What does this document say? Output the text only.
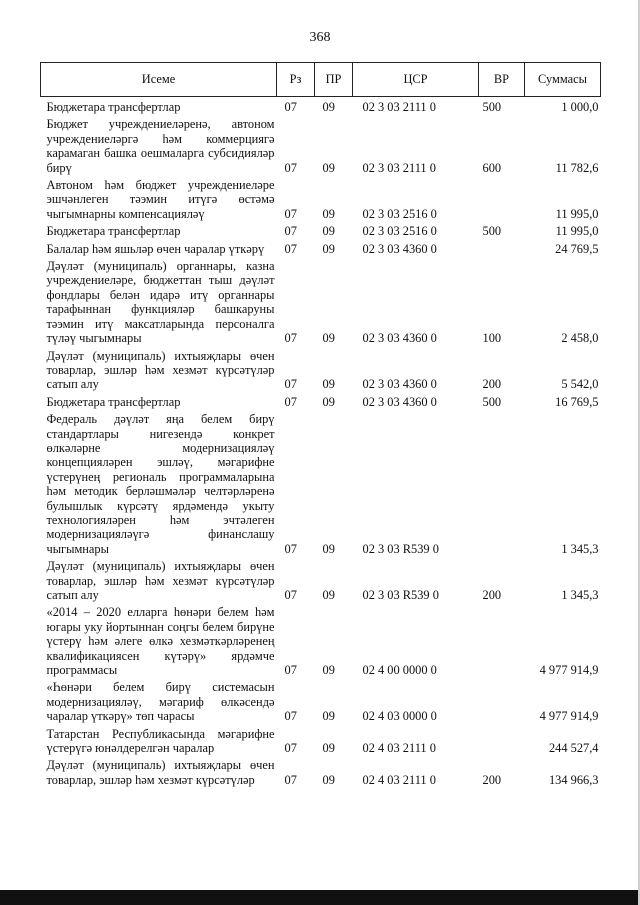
368
Исеме	Рз	ПР	ЦСР	ВР	Суммасы
Бюджетара трансфертлар	07	09	02 3 03 2111 0	500	1 000,0
Бюджет учреждениеләренә, автоном учреждениеләргә һәм коммерциягә карамаган башка оешмаларга субсидияләр бирү	07	09	02 3 03 2111 0	600	11 782,6
Автоном һәм бюджет учреждениеләре эшчәнлеген тәэмин итүгә өстәмә чыгымнарны компенсацияләү	07	09	02 3 03 2516 0		11 995,0
Бюджетара трансфертлар	07	09	02 3 03 2516 0	500	11 995,0
Балалар һәм яшьләр өчен чаралар үткәрү	07	09	02 3 03 4360 0		24 769,5
Дәүләт (муниципаль) органнары, казна учреждениеләре, бюджеттан тыш дәүләт фондлары белән идарә итү органнары тарафыннан функцияләр башкаруны тәэмин итү максатларында персоналга түләү чыгымнары	07	09	02 3 03 4360 0	100	2 458,0
Дәүләт (муниципаль) ихтыяҗлары өчен товарлар, эшләр һәм хезмәт күрсәтүләр сатып алу	07	09	02 3 03 4360 0	200	5 542,0
Бюджетара трансфертлар	07	09	02 3 03 4360 0	500	16 769,5
Федераль дәүләт яңа белем бирү стандартлары нигезендә конкрет өлкәләрне модернизацияләү концепцияләрен эшләү, мәгарифне үстерүнең региональ программаларына һәм методик берләшмәләр челтәрләренә булышлык күрсәтү ярдәмендә укыту технологияләрен һәм эчтәлеген модернизацияләүгә финанслашу чыгымнары	07	09	02 3 03 R539 0		1 345,3
Дәүләт (муниципаль) ихтыяҗлары өчен товарлар, эшләр һәм хезмәт күрсәтүләр сатып алу	07	09	02 3 03 R539 0	200	1 345,3
«2014 – 2020 елларга һөнәри белем һәм югары уку йортыннан соңгы белем бирүне үстерү һәм әлеге өлкә хезмәткәрләренең квалификациясен күтәрү» ярдәмче программасы	07	09	02 4 00 0000 0		4 977 914,9
«Һөнәри белем бирү системасын модернизацияләү, мәгариф өлкәсендә чаралар үткәрү» төп чарасы	07	09	02 4 03 0000 0		4 977 914,9
Татарстан Республикасында мәгарифне үстерүгә юнәлдерелгән чаралар	07	09	02 4 03 2111 0		244 527,4
Дәүләт (муниципаль) ихтыяҗлары өчен товарлар, эшләр һәм хезмәт күрсәтүләр	07	09	02 4 03 2111 0	200	134 966,3
